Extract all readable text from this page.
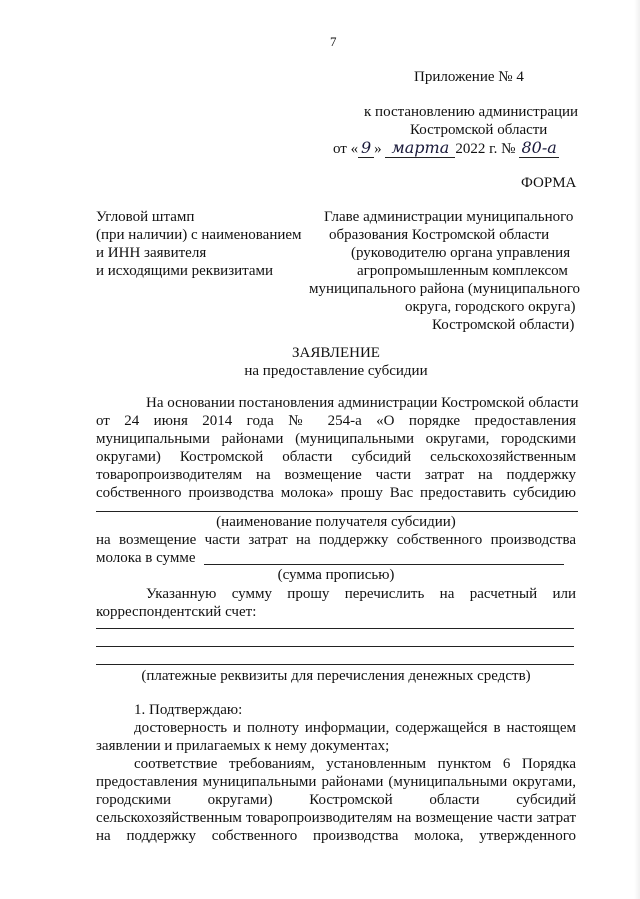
7
Приложение № 4
к постановлению администрации
Костромской области
от « 9 » марта 2022 г. № 80-а
ФОРМА
Угловой штамп
(при наличии) с наименованием
и ИНН заявителя
и исходящими реквизитами
Главе администрации муниципального
образования Костромской области
(руководителю органа управления
агропромышленным комплексом
муниципального района (муниципального
округа, городского округа)
Костромской области)
ЗАЯВЛЕНИЕ
на предоставление субсидии
На основании постановления администрации Костромской области
от 24 июня 2014 года № 254-а «О порядке предоставления
муниципальными районами (муниципальными округами, городскими
округами) Костромской области субсидий сельскохозяйственным
товаропроизводителям на возмещение части затрат на поддержку
собственного производства молока» прошу Вас предоставить субсидию
(наименование получателя субсидии)
на возмещение части затрат на поддержку собственного производства
молока в сумме
(сумма прописью)
Указанную сумму прошу перечислить на расчетный или
корреспондентский счет:
(платежные реквизиты для перечисления денежных средств)
1. Подтверждаю:
достоверность и полноту информации, содержащейся в настоящем
заявлении и прилагаемых к нему документах;
соответствие требованиям, установленным пунктом 6 Порядка
предоставления муниципальными районами (муниципальными округами,
городскими округами) Костромской области субсидий
сельскохозяйственным товаропроизводителям на возмещение части затрат
на поддержку собственного производства молока, утвержденного
